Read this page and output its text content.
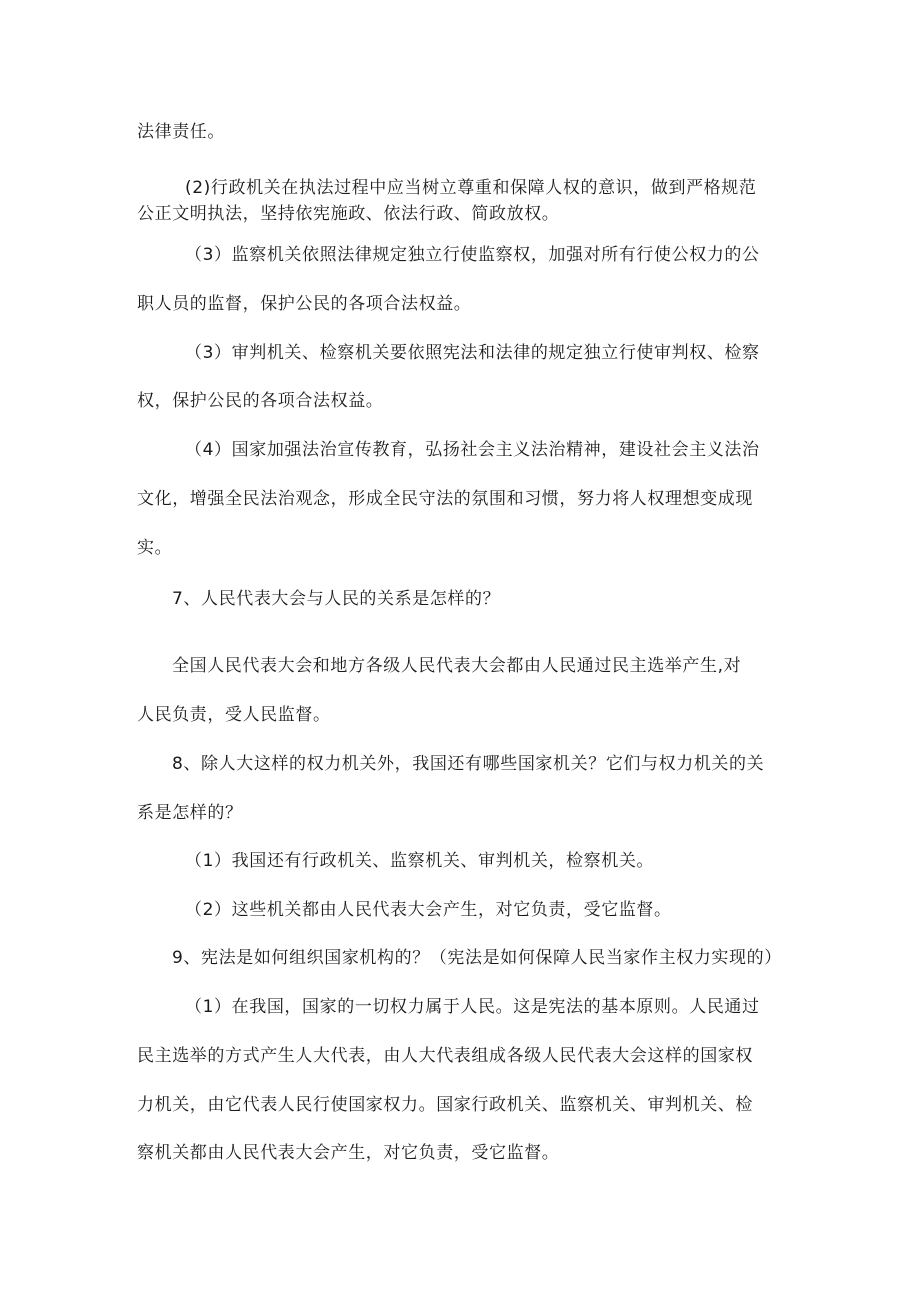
法律责任。
(2)行政机关在执法过程中应当树立尊重和保障人权的意识，做到严格规范
公正文明执法，坚持依宪施政、依法行政、简政放权。
（3）监察机关依照法律规定独立行使监察权，加强对所有行使公权力的公
职人员的监督，保护公民的各项合法权益。
（3）审判机关、检察机关要依照宪法和法律的规定独立行使审判权、检察
权，保护公民的各项合法权益。
（4）国家加强法治宣传教育，弘扬社会主义法治精神，建设社会主义法治
文化，增强全民法治观念，形成全民守法的氛围和习惯，努力将人权理想变成现
实。
7、人民代表大会与人民的关系是怎样的？
全国人民代表大会和地方各级人民代表大会都由人民通过民主选举产生,对
人民负责，受人民监督。
8、除人大这样的权力机关外，我国还有哪些国家机关？它们与权力机关的关
系是怎样的？
（1）我国还有行政机关、监察机关、审判机关，检察机关。
（2）这些机关都由人民代表大会产生，对它负责，受它监督。
9、宪法是如何组织国家机构的？（宪法是如何保障人民当家作主权力实现的）
（1）在我国，国家的一切权力属于人民。这是宪法的基本原则。人民通过
民主选举的方式产生人大代表，由人大代表组成各级人民代表大会这样的国家权
力机关，由它代表人民行使国家权力。国家行政机关、监察机关、审判机关、检
察机关都由人民代表大会产生，对它负责，受它监督。
